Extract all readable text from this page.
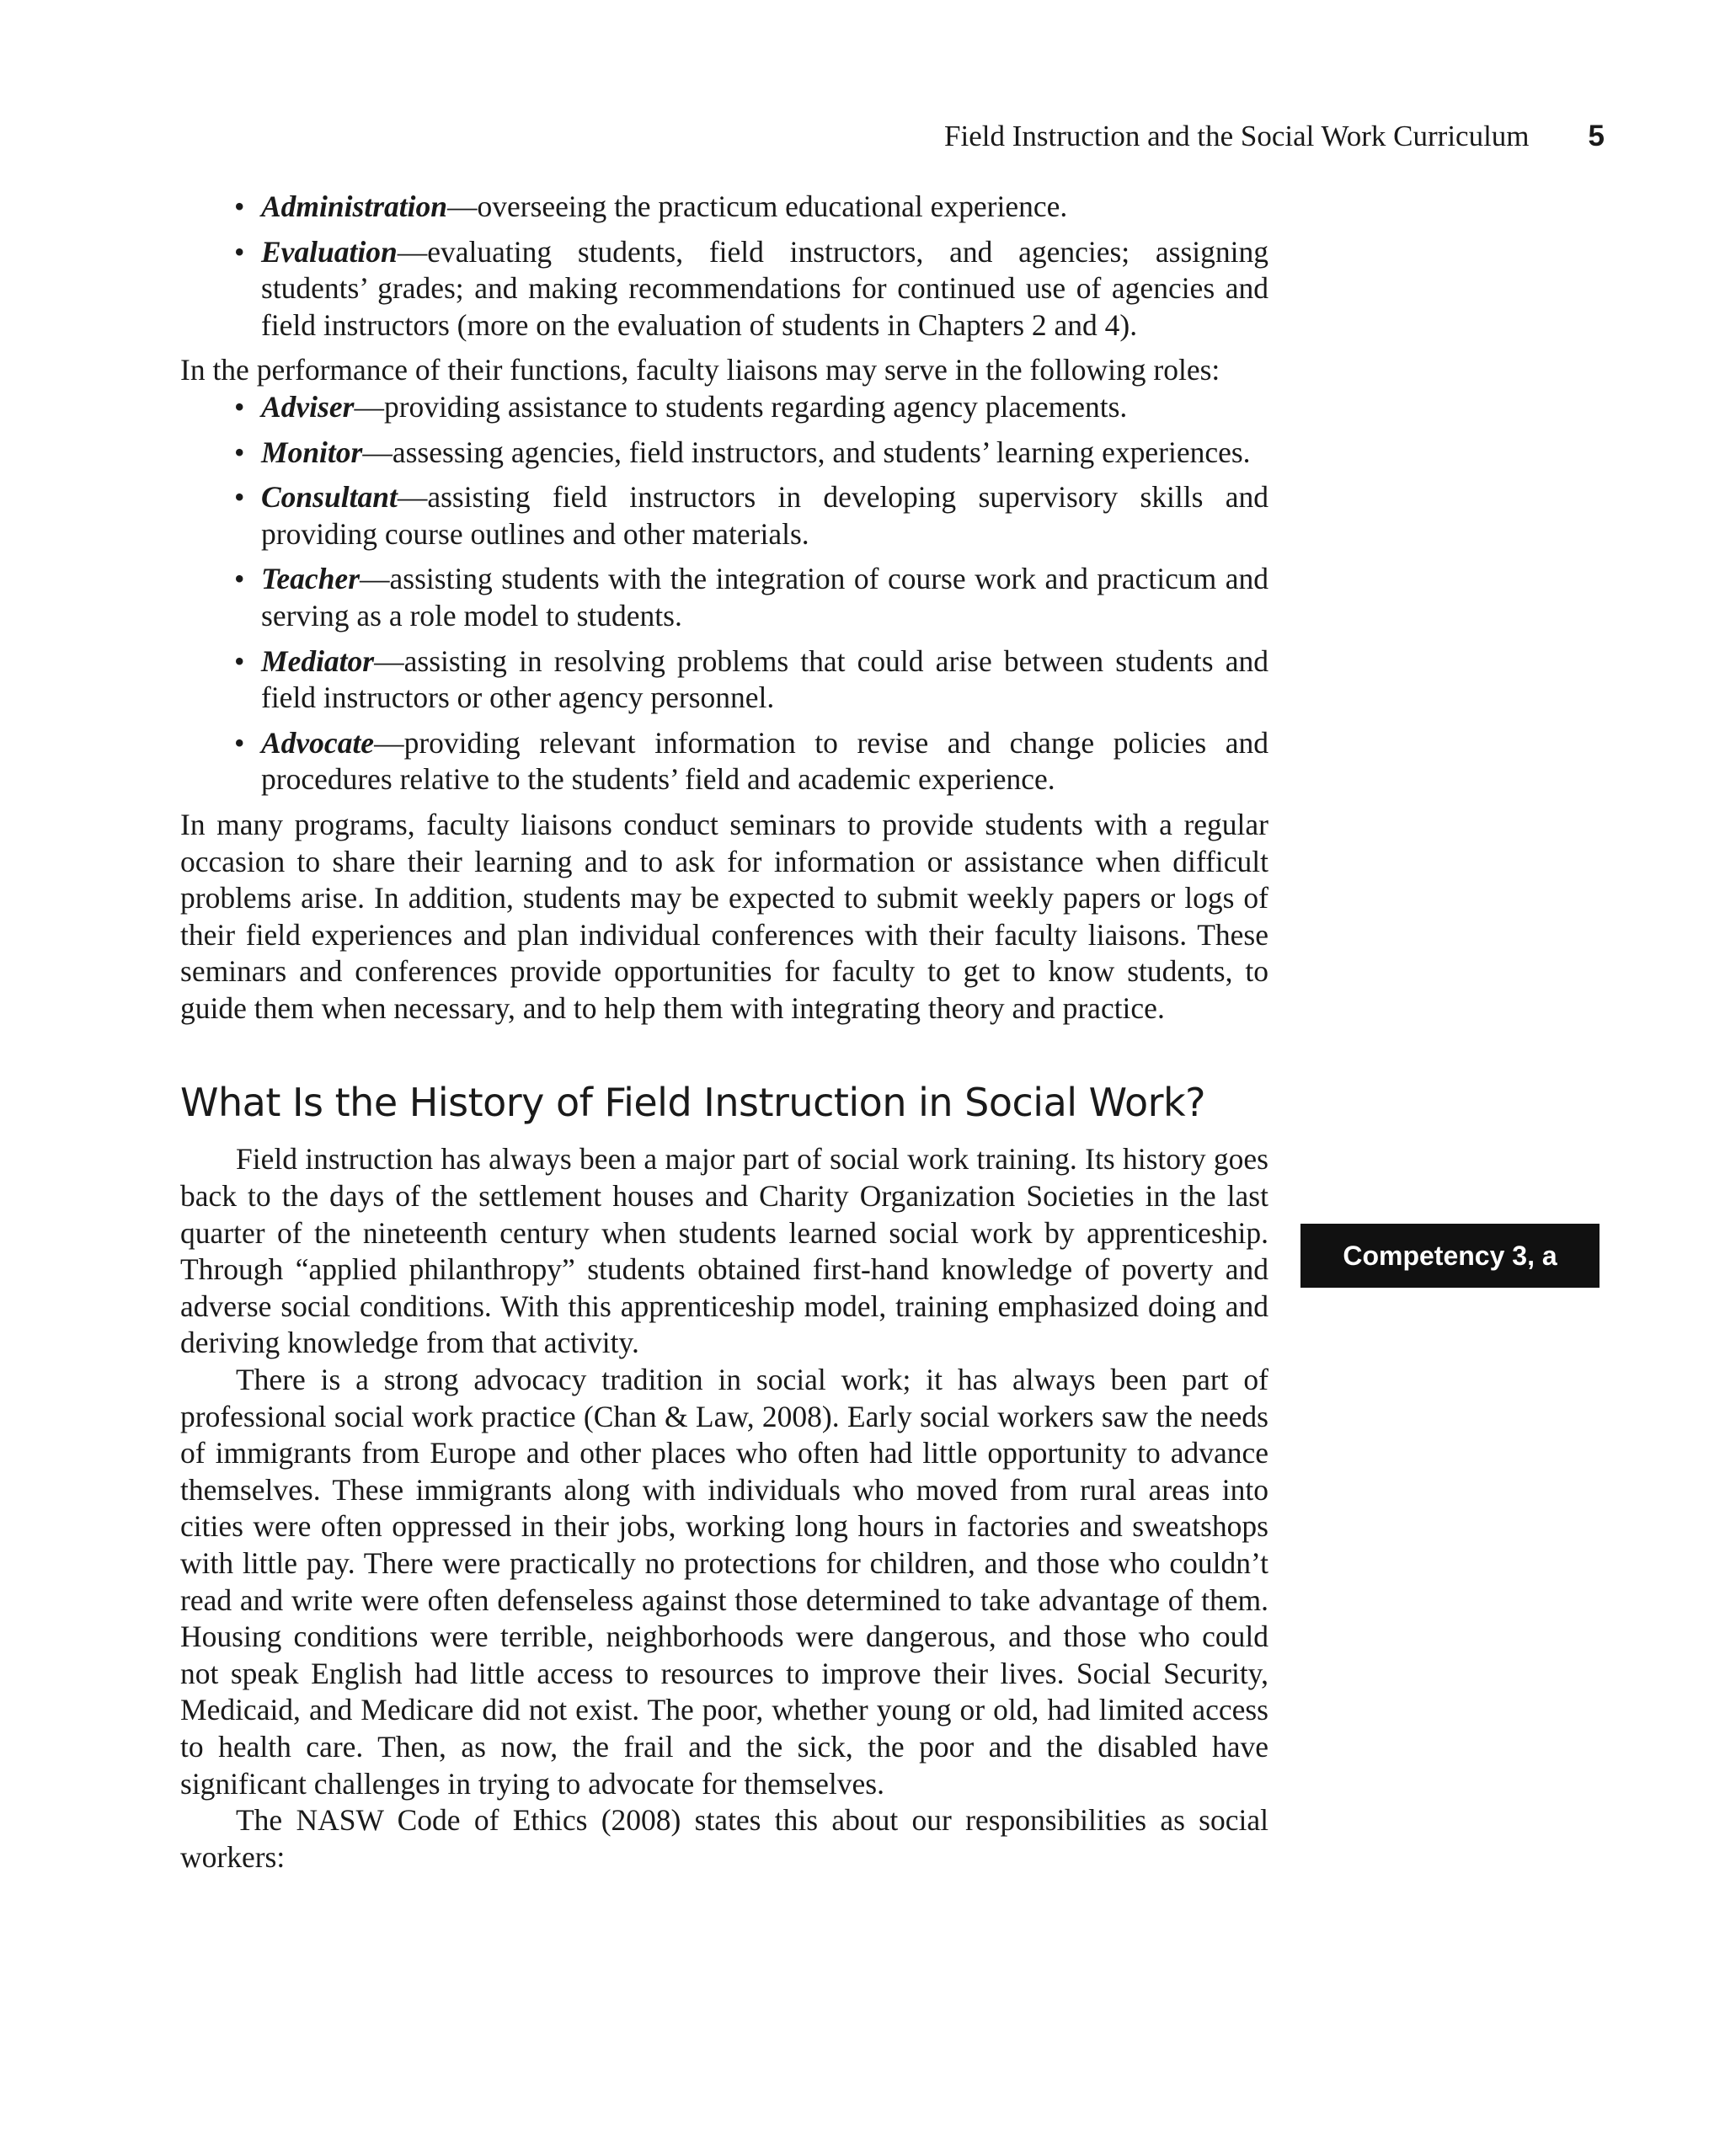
Field Instruction and the Social Work Curriculum 5
• Administration—overseeing the practicum educational experience.
• Evaluation—evaluating students, field instructors, and agencies; assigning students’ grades; and making recommendations for continued use of agencies and field instructors (more on the evaluation of students in Chapters 2 and 4).

In the performance of their functions, faculty liaisons may serve in the following roles:

• Adviser—providing assistance to students regarding agency placements.
• Monitor—assessing agencies, field instructors, and students’ learning experiences.
• Consultant—assisting field instructors in developing supervisory skills and providing course outlines and other materials.
• Teacher—assisting students with the integration of course work and practicum and serving as a role model to students.
• Mediator—assisting in resolving problems that could arise between students and field instructors or other agency personnel.
• Advocate—providing relevant information to revise and change policies and procedures relative to the students’ field and academic experience.

In many programs, faculty liaisons conduct seminars to provide students with a regular occasion to share their learning and to ask for information or assistance when difficult problems arise. In addition, students may be expected to submit weekly papers or logs of their field experiences and plan individual conferences with their faculty liaisons. These seminars and conferences provide opportunities for faculty to get to know students, to guide them when necessary, and to help them with integrating theory and practice.

What Is the History of Field Instruction in Social Work?

Field instruction has always been a major part of social work training. Its history goes back to the days of the settlement houses and Charity Organization Societies in the last quarter of the nineteenth century when students learned social work by apprenticeship. Through “applied philanthropy” students obtained first-hand knowledge of poverty and adverse social conditions. With this apprenticeship model, training emphasized doing and deriving knowledge from that activity.

There is a strong advocacy tradition in social work; it has always been part of professional social work practice (Chan & Law, 2008). Early social workers saw the needs of immigrants from Europe and other places who often had little opportunity to advance themselves. These immigrants along with individuals who moved from rural areas into cities were often oppressed in their jobs, working long hours in factories and sweatshops with little pay. There were practically no protections for children, and those who couldn’t read and write were often defenseless against those determined to take advantage of them. Housing conditions were terrible, neighborhoods were dangerous, and those who could not speak English had little access to resources to improve their lives. Social Security, Medicaid, and Medicare did not exist. The poor, whether young or old, had limited access to health care. Then, as now, the frail and the sick, the poor and the disabled have significant challenges in trying to advocate for themselves.

The NASW Code of Ethics (2008) states this about our responsibilities as social workers:

Competency 3, a
